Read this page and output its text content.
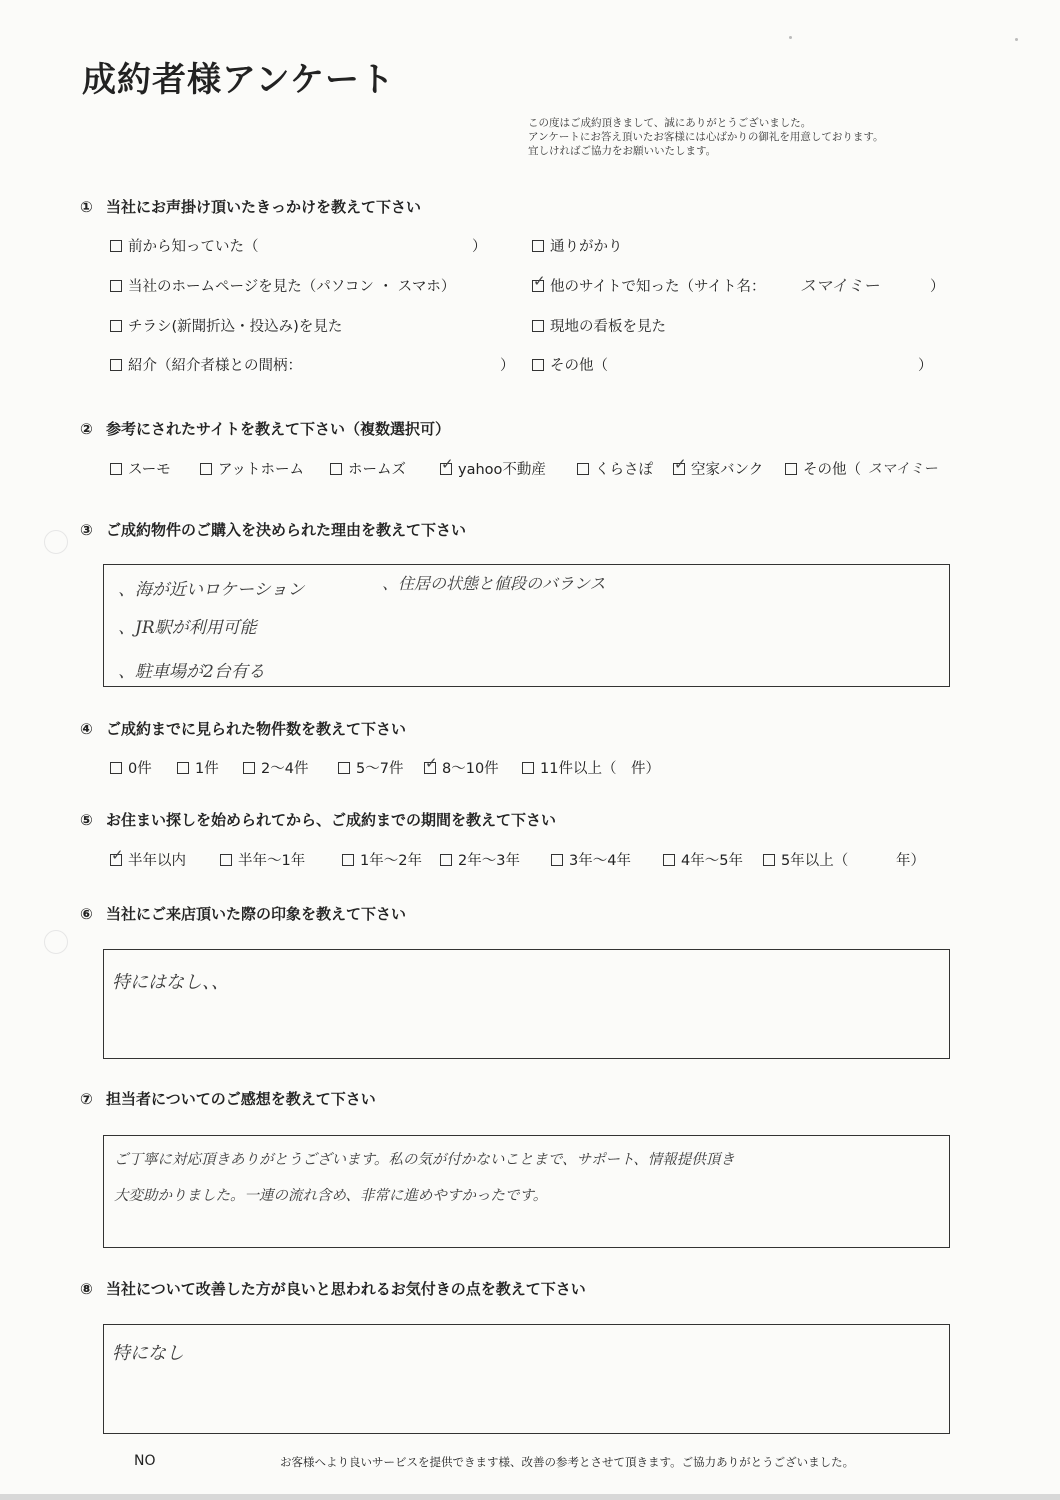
成約者様アンケート
この度はご成約頂きまして、誠にありがとうございました。
アンケートにお答え頂いたお客様には心ばかりの御礼を用意しております。
宜しければご協力をお願いいたします。
① 当社にお声掛け頂いたきっかけを教えて下さい
前から知っていた（	）	通りがかり
当社のホームページを見た（パソコン ・ スマホ） ✓	他のサイトで知った（サイト名： スマイミー	）
チラシ(新聞折込・投込み)を見た	現地の看板を見た
紹介（紹介者様との間柄：	）	その他（	）
② 参考にされたサイトを教えて下さい（複数選択可）
スーモ	アットホーム	ホームズ ✓	yahoo不動産	くらさぽ ✓	空家バンク	その他（ スマイミー
③ ご成約物件のご購入を決められた理由を教えて下さい
、海が近いロケーション	、住居の状態と値段のバランス
、JR駅が利用可能
、駐車場が2台有る
④ ご成約までに見られた物件数を教えて下さい
0件	1件	2～4件	5～7件 ✓	8～10件	11件以上（　件）
⑤ お住まい探しを始められてから、ご成約までの期間を教えて下さい
✓半年以内	半年～1年	1年～2年	2年～3年	3年～4年	4年～5年	5年以上（	年）
⑥ 当社にご来店頂いた際の印象を教えて下さい
特にはなし、、
⑦ 担当者についてのご感想を教えて下さい
ご丁寧に対応頂きありがとうございます。私の気が付かないことまで、サポート、情報提供頂き
大変助かりました。一連の流れ含め、非常に進めやすかったです。
⑧ 当社について改善した方が良いと思われるお気付きの点を教えて下さい
特になし
NO	お客様へより良いサービスを提供できます様、改善の参考とさせて頂きます。ご協力ありがとうございました。
